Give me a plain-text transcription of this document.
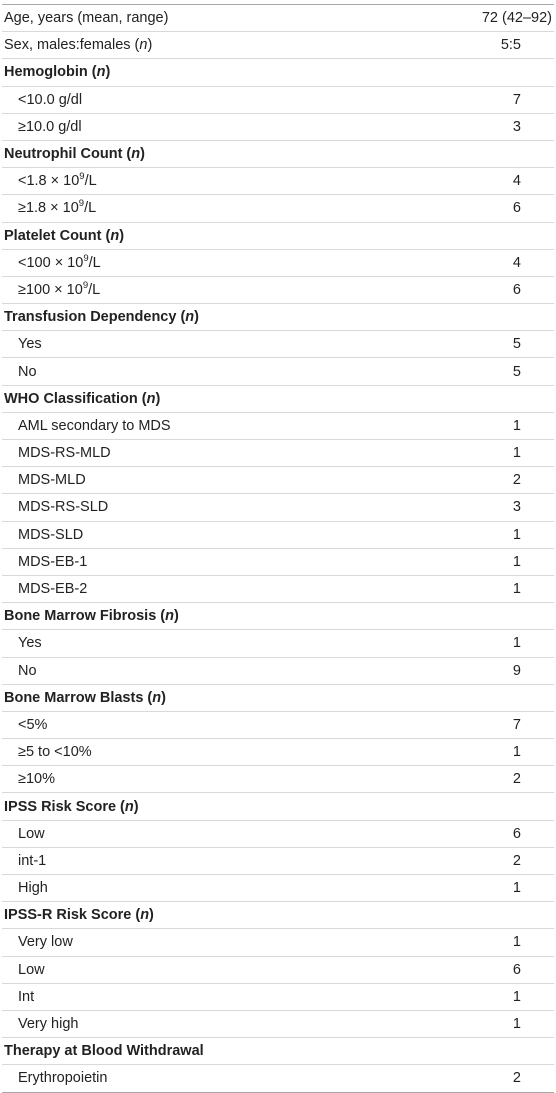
Age, years (mean, range)	72 (42–92)
Sex, males:females (n)	5:5
Hemoglobin (n)	
<10.0 g/dl	7
≥10.0 g/dl	3
Neutrophil Count (n)	
$<1.8 \times 10^9/L$	4
$\ge 1.8 \times 10^9/L$	6
Platelet Count (n)	
$<100 \times 10^9/L$	4
$\ge 100 \times 10^9/L$	6
Transfusion Dependency (n)	
Yes	5
No	5
WHO Classification (n)	
AML secondary to MDS	1
MDS-RS-MLD	1
MDS-MLD	2
MDS-RS-SLD	3
MDS-SLD	1
MDS-EB-1	1
MDS-EB-2	1
Bone Marrow Fibrosis (n)	
Yes	1
No	9
Bone Marrow Blasts (n)	
<5%	7
≥5 to <10%	1
≥10%	2
IPSS Risk Score (n)	
Low	6
int-1	2
High	1
IPSS-R Risk Score (n)	
Very low	1
Low	6
Int	1
Very high	1
Therapy at Blood Withdrawal	
Erythropoietin	2
